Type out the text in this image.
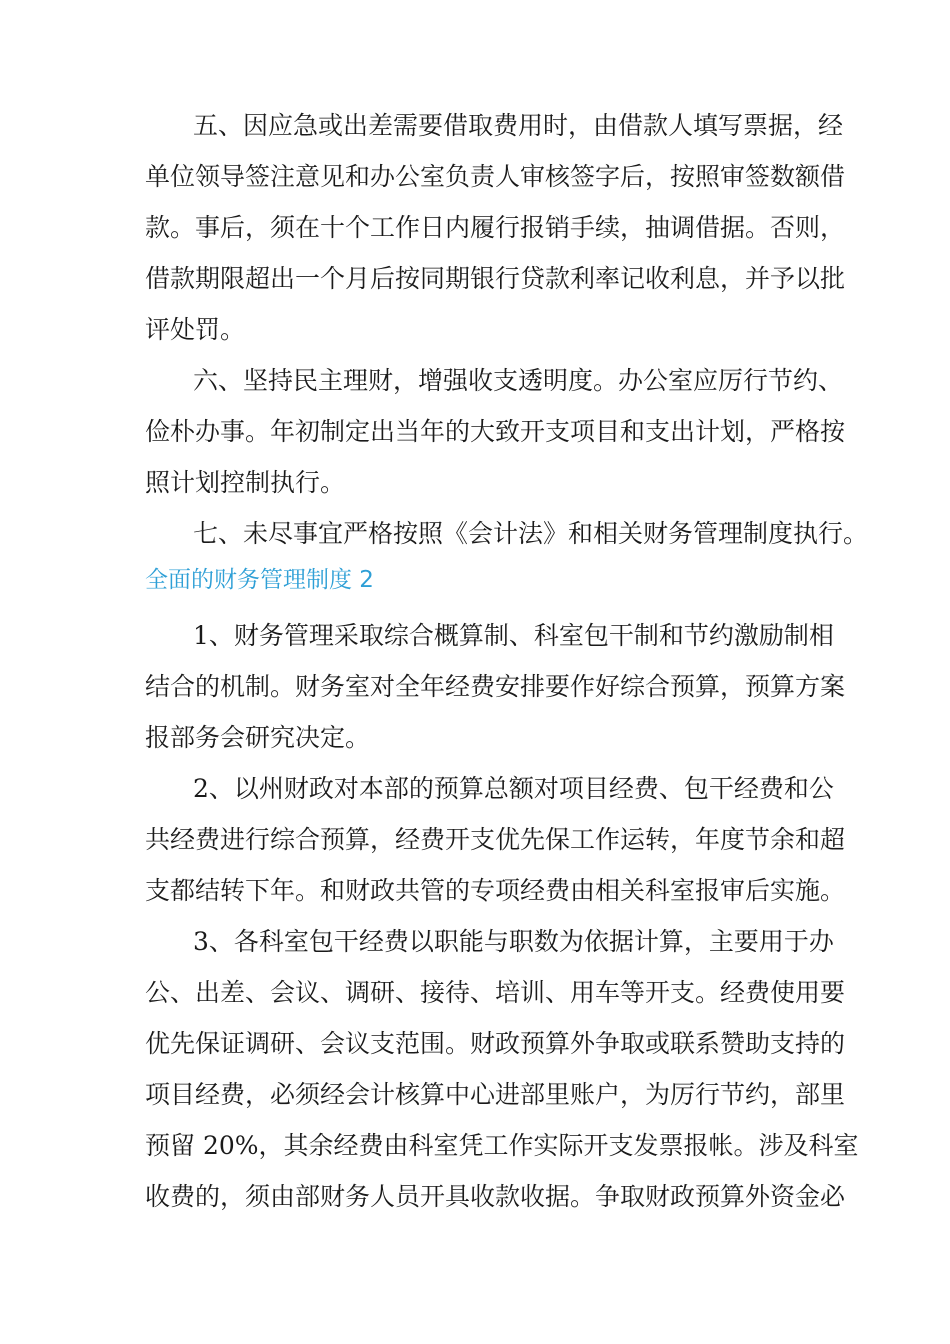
五、因应急或出差需要借取费用时，由借款人填写票据，经
单位领导签注意见和办公室负责人审核签字后，按照审签数额借
款。事后，须在十个工作日内履行报销手续，抽调借据。否则，
借款期限超出一个月后按同期银行贷款利率记收利息，并予以批
评处罚。
六、坚持民主理财，增强收支透明度。办公室应厉行节约、
俭朴办事。年初制定出当年的大致开支项目和支出计划，严格按
照计划控制执行。
七、未尽事宜严格按照《会计法》和相关财务管理制度执行。
全面的财务管理制度 2
1、财务管理采取综合概算制、科室包干制和节约激励制相
结合的机制。财务室对全年经费安排要作好综合预算，预算方案
报部务会研究决定。
2、以州财政对本部的预算总额对项目经费、包干经费和公
共经费进行综合预算，经费开支优先保工作运转，年度节余和超
支都结转下年。和财政共管的专项经费由相关科室报审后实施。
3、各科室包干经费以职能与职数为依据计算，主要用于办
公、出差、会议、调研、接待、培训、用车等开支。经费使用要
优先保证调研、会议支范围。财政预算外争取或联系赞助支持的
项目经费，必须经会计核算中心进部里账户，为厉行节约，部里
预留 20%，其余经费由科室凭工作实际开支发票报帐。涉及科室
收费的，须由部财务人员开具收款收据。争取财政预算外资金必
